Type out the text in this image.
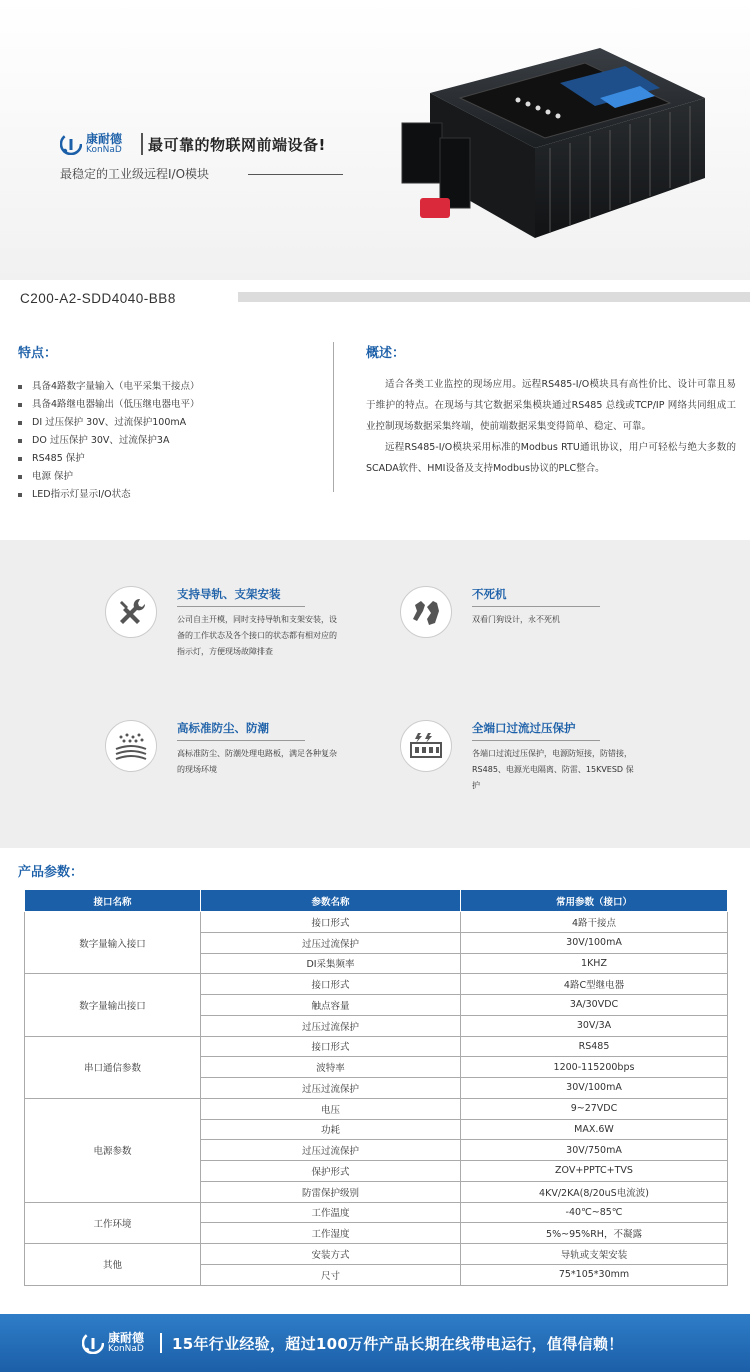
康耐德
KonNaD 最可靠的物联网前端设备!
最稳定的工业级远程I/O模块
C200-A2-SDD4040-BB8
特点：
具备4路数字量输入（电平采集干接点）
具备4路继电器输出（低压继电器电平）
DI 过压保护 30V、过流保护100mA
DO 过压保护 30V、过流保护3A
RS485 保护
电源 保护
LED指示灯显示I/O状态
概述：

适合各类工业监控的现场应用。远程RS485-I/O模块具有高性价比、设计可靠且易于维护的特点。在现场与其它数据采集模块通过RS485 总线或TCP/IP 网络共同组成工业控制现场数据采集终端，使前端数据采集变得简单、稳定、可靠。

远程RS485-I/O模块采用标准的Modbus RTU通讯协议，用户可轻松与绝大多数的SCADA软件、HMI设备及支持Modbus协议的PLC整合。

支持导轨、支架安装
公司自主开模，同时支持导轨和支架安装，设备的工作状态及各个接口的状态都有相对应的指示灯，方便现场故障排查
不死机
双看门狗设计，永不死机
高标准防尘、防潮
高标准防尘、防潮处理电路板，满足各种复杂的现场环境
全端口过流过压保护
各端口过流过压保护，电源防短接，防错接，RS485、电源光电隔离、防雷、15KVESD 保护
产品参数：
接口名称	参数名称	常用参数（接口）
数字量输入接口	接口形式	4路干接点
	过压过流保护	30V/100mA
	DI采集频率	1KHZ
数字量输出接口	接口形式	4路C型继电器
	触点容量	3A/30VDC
	过压过流保护	30V/3A
串口通信参数	接口形式	RS485
	波特率	1200-115200bps
	过压过流保护	30V/100mA
电源参数	电压	9~27VDC
	功耗	MAX.6W
	过压过流保护	30V/750mA
	保护形式	ZOV+PPTC+TVS
	防雷保护级别	4KV/2KA(8/20uS电流波)
工作环境	工作温度	-40℃~85℃
	工作湿度	5%~95%RH，不凝露
其他	安装方式	导轨或支架安装
	尺寸	75*105*30mm
康耐德
KonNaD 15年行业经验，超过100万件产品长期在线带电运行，值得信赖！
